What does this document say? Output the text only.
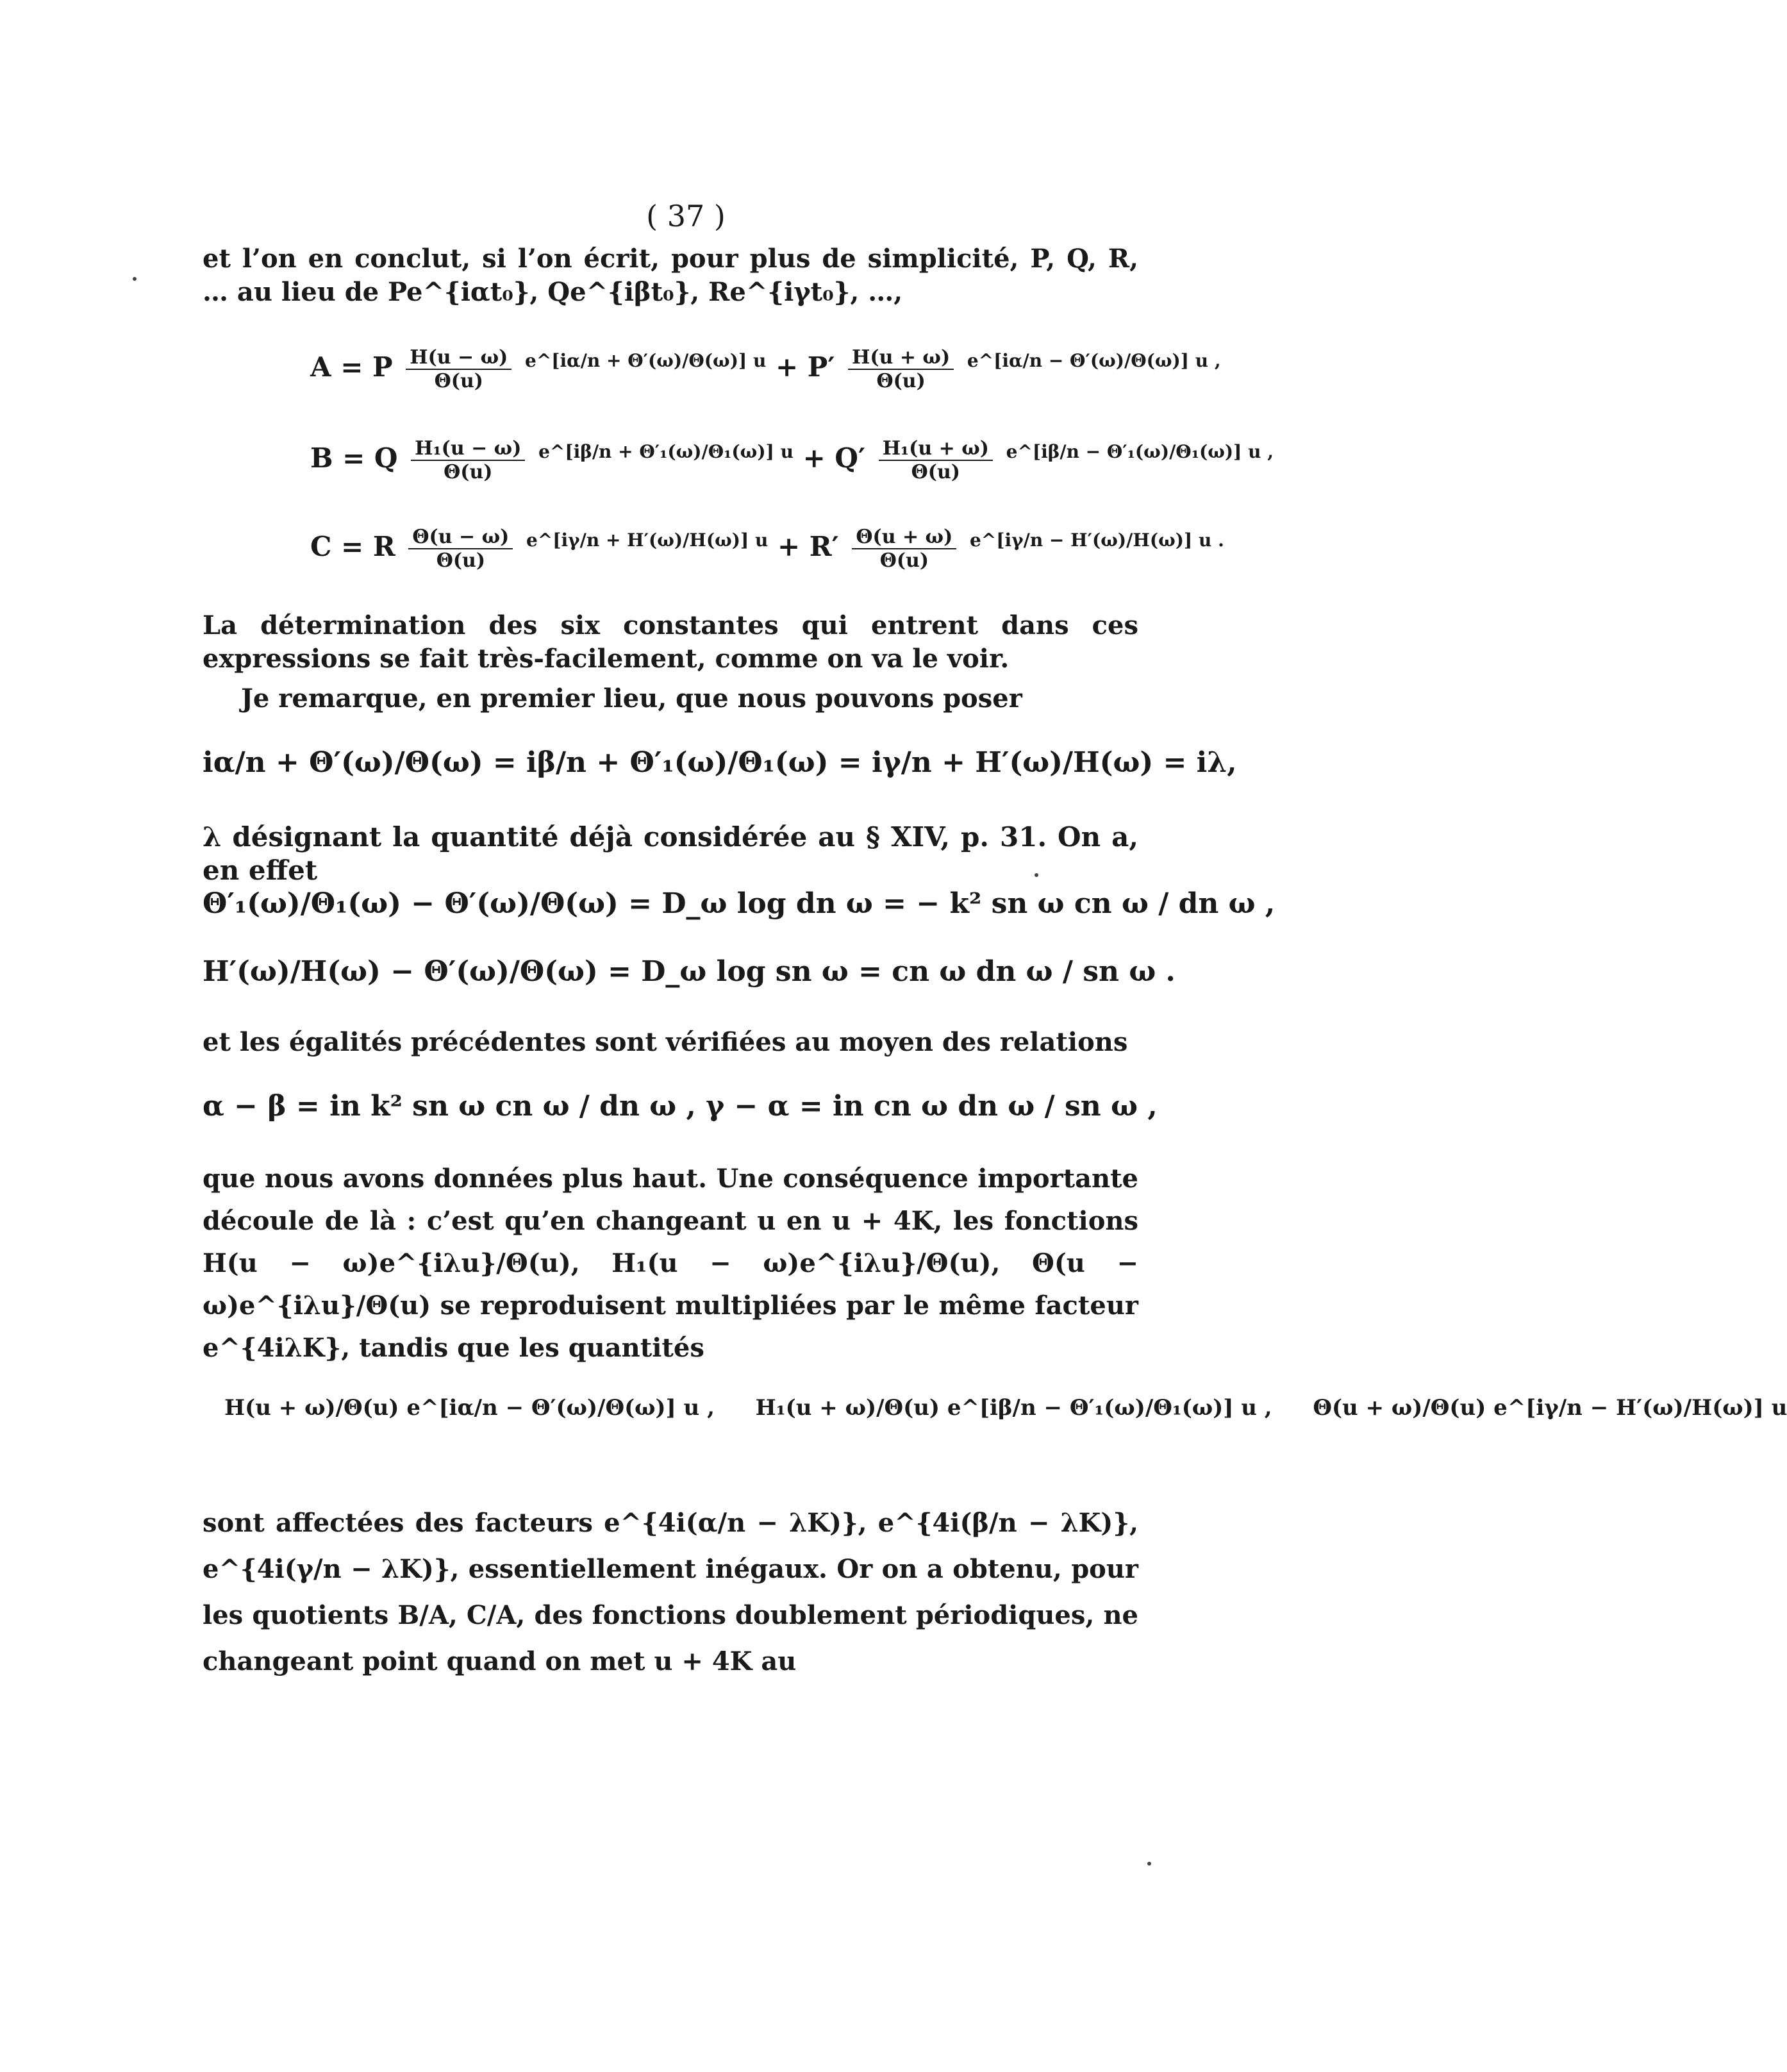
( 37 )
et l’on en conclut, si l’on écrit, pour plus de simplicité, P, Q, R, … au lieu de Pe^{iαt₀}, Qe^{iβt₀}, Re^{iγt₀}, …,
A = P $\frac{H(u - \omega)}{\Theta(u)}$ e^[iα/n + Θ′(ω)/Θ(ω)] $u + P' \frac{H(u + \omega)}{\Theta(u)}$ e^[iα/n − Θ′(ω)/Θ(ω)] u ,
B = Q $\frac{\text{H₁(u − ω)}}{\Theta(u)}$ e^[iβ/n + Θ′₁(ω)/Θ₁(ω)] $u + Q' \frac{\text{H₁(u + ω)}}{\Theta(u)}$ e^[iβ/n − Θ′₁(ω)/Θ₁(ω)] u ,
C = R $\frac{\Theta(u - \omega)}{\Theta(u)}$ e^[iγ/n + H′(ω)/H(ω)] $u + R' \frac{\Theta(u + \omega)}{\Theta(u)}$ e^[iγ/n − H′(ω)/H(ω)] u .
La détermination des six constantes qui entrent dans ces expressions se fait très-facilement, comme on va le voir.
Je remarque, en premier lieu, que nous pouvons poser
iα/n + Θ′(ω)/Θ(ω) = iβ/n + Θ′₁(ω)/Θ₁(ω) = iγ/n + H′(ω)/H(ω) = iλ,
λ désignant la quantité déjà considérée au § XIV, p. 31. On a, en effet
Θ′₁(ω)/Θ₁(ω) − Θ′(ω)/Θ(ω) = D_ω log dn ω = − k² sn ω cn ω / dn ω ,
H′(ω)/H(ω) − Θ′(ω)/Θ(ω) = D_ω log sn ω = cn ω dn ω / sn ω .
et les égalités précédentes sont vérifiées au moyen des relations
α − β = in k² sn ω cn ω / dn ω , γ − α = in cn ω dn ω / sn ω ,
que nous avons données plus haut. Une conséquence importante découle de là : c’est qu’en changeant u en u + 4K, les fonctions H(u − ω)e^{iλu}/Θ(u), H₁(u − ω)e^{iλu}/Θ(u), Θ(u − ω)e^{iλu}/Θ(u) se reproduisent multipliées par le même facteur e^{4iλK}, tandis que les quantités
H(u + ω)/Θ(u) e^[iα/n − Θ′(ω)/Θ(ω)] u , H₁(u + ω)/Θ(u) e^[iβ/n − Θ′₁(ω)/Θ₁(ω)] u , Θ(u + ω)/Θ(u) e^[iγ/n − H′(ω)/H(ω)] u
sont affectées des facteurs e^{4i(α/n − λK)}, e^{4i(β/n − λK)}, e^{4i(γ/n − λK)}, essentiellement inégaux. Or on a obtenu, pour les quotients B/A, C/A, des fonctions doublement périodiques, ne changeant point quand on met u + 4K au
